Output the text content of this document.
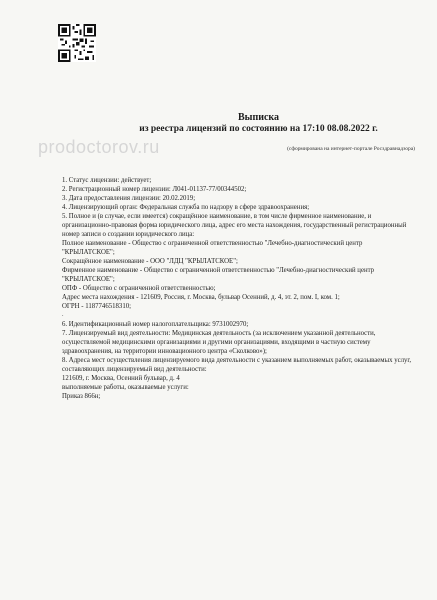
Выписка
из реестра лицензий по состоянию на 17:10 08.08.2022 г.
prodoctorov.ru	(сформирована на интернет-портале Росздравнадзора)

1. Статус лицензии: действует;

2. Регистрационный номер лицензии: Л041-01137-77/00344502;

3. Дата предоставления лицензии: 20.02.2019;

4. Лицензирующий орган: Федеральная служба по надзору в сфере здравоохранения;

5. Полное и (в случае, если имеется) сокращённое наименование, в том числе фирменное наименование, и организационно-правовая форма юридического лица, адрес его места нахождения, государственный регистрационный номер записи о создании юридического лица:

Полное наименование - Общество с ограниченной ответственностью "Лечебно-диагностический центр "КРЫЛАТСКОЕ";

Сокращённое наименование - ООО "ЛДЦ "КРЫЛАТСКОЕ";

Фирменное наименование - Общество с ограниченной ответственностью "Лечебно-диагностический центр "КРЫЛАТСКОЕ";

ОПФ - Общество с ограниченной ответственностью;

Адрес места нахождения - 121609, Россия, г. Москва, бульвар Осенний, д. 4, эт. 2, пом. I, ком. 1;

ОГРН - 1187746518310;

.

6. Идентификационный номер налогоплательщика: 9731002970;

7. Лицензируемый вид деятельности: Медицинская деятельность (за исключением указанной деятельности, осуществляемой медицинскими организациями и другими организациями, входящими в частную систему здравоохранения, на территории инновационного центра «Сколково»);

8. Адреса мест осуществления лицензируемого вида деятельности с указанием выполняемых работ, оказываемых услуг, составляющих лицензируемый вид деятельности:

121609, г. Москва, Осенний бульвар, д. 4

выполняемые работы, оказываемые услуги:

Приказ 866н;
